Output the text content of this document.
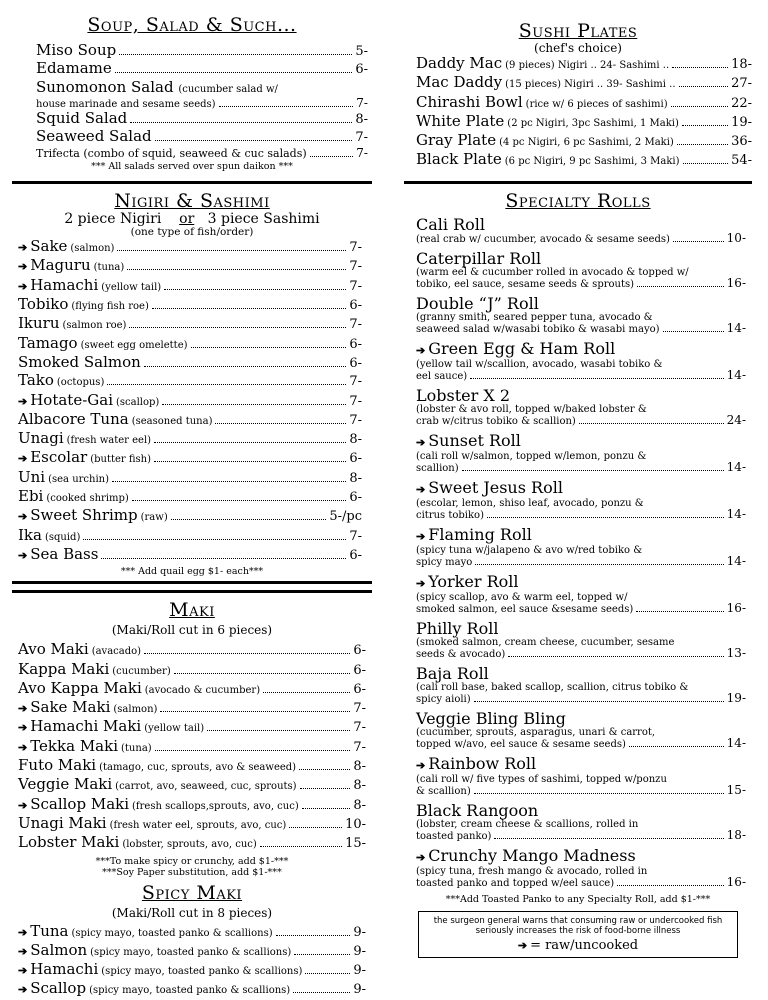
Soup, Salad & Such...
Miso Soup	5-
Edamame	6-
Sunomonon Salad (cucumber salad w/
house marinade and sesame seeds)	7-
Squid Salad	8-
Seaweed Salad	7-
Trifecta (combo of squid, seaweed & cuc salads)	7-
*** All salads served over spun daikon ***
Nigiri & Sashimi
2 piece Nigiri or 3 piece Sashimi
(one type of fish/order)
➔ Sake (salmon)	7-
➔ Maguru (tuna)	7-
➔ Hamachi (yellow tail)	7-
Tobiko (flying fish roe)	6-
Ikuru (salmon roe)	7-
Tamago (sweet egg omelette)	6-
Smoked Salmon	6-
Tako (octopus)	7-
➔ Hotate-Gai (scallop)	7-
Albacore Tuna (seasoned tuna)	7-
Unagi (fresh water eel)	8-
➔ Escolar (butter fish)	6-
Uni (sea urchin)	8-
Ebi (cooked shrimp)	6-
➔ Sweet Shrimp (raw)	5-/pc
Ika (squid)	7-
➔ Sea Bass	6-
*** Add quail egg $1- each***
Maki
(Maki/Roll cut in 6 pieces)
Avo Maki (avacado)	6-
Kappa Maki (cucumber)	6-
Avo Kappa Maki (avocado & cucumber)	6-
➔ Sake Maki (salmon)	7-
➔ Hamachi Maki (yellow tail)	7-
➔ Tekka Maki (tuna)	7-
Futo Maki (tamago, cuc, sprouts, avo & seaweed)	8-
Veggie Maki (carrot, avo, seaweed, cuc, sprouts)	8-
➔ Scallop Maki (fresh scallops,sprouts, avo, cuc)	8-
Unagi Maki (fresh water eel, sprouts, avo, cuc)	10-
Lobster Maki (lobster, sprouts, avo, cuc)	15-
***To make spicy or crunchy, add $1-***
***Soy Paper substitution, add $1-***
Spicy Maki
(Maki/Roll cut in 8 pieces)
➔ Tuna (spicy mayo, toasted panko & scallions)	9-
➔ Salmon (spicy mayo, toasted panko & scallions)	9-
➔ Hamachi (spicy mayo, toasted panko & scallions)	9-
➔ Scallop (spicy mayo, toasted panko & scallions)	9-
Sushi Plates
(chef's choice)
Daddy Mac (9 pieces) Nigiri .. 24- Sashimi ..	18-
Mac Daddy (15 pieces) Nigiri .. 39- Sashimi ..	27-
Chirashi Bowl (rice w/ 6 pieces of sashimi)	22-
White Plate (2 pc Nigiri, 3pc Sashimi, 1 Maki)	19-
Gray Plate (4 pc Nigiri, 6 pc Sashimi, 2 Maki)	36-
Black Plate (6 pc Nigiri, 9 pc Sashimi, 3 Maki)	54-
Specialty Rolls
Cali Roll
(real crab w/ cucumber, avocado & sesame seeds)	10-
Caterpillar Roll
(warm eel & cucumber rolled in avocado & topped w/
tobiko, eel sauce, sesame seeds & sprouts)	16-
Double “J” Roll
(granny smith, seared pepper tuna, avocado &
seaweed salad w/wasabi tobiko & wasabi mayo)	14-
➔ Green Egg & Ham Roll
(yellow tail w/scallion, avocado, wasabi tobiko &
eel sauce)	14-
Lobster X 2
(lobster & avo roll, topped w/baked lobster &
crab w/citrus tobiko & scallion)	24-
➔ Sunset Roll
(cali roll w/salmon, topped w/lemon, ponzu &
scallion)	14-
➔ Sweet Jesus Roll
(escolar, lemon, shiso leaf, avocado, ponzu &
citrus tobiko)	14-
➔ Flaming Roll
(spicy tuna w/jalapeno & avo w/red tobiko &
spicy mayo	14-
➔ Yorker Roll
(spicy scallop, avo & warm eel, topped w/
smoked salmon, eel sauce &sesame seeds)	16-
Philly Roll
(smoked salmon, cream cheese, cucumber, sesame
seeds & avocado)	13-
Baja Roll
(cali roll base, baked scallop, scallion, citrus tobiko &
spicy aioli)	19-
Veggie Bling Bling
(cucumber, sprouts, asparagus, unari & carrot,
topped w/avo, eel sauce & sesame seeds)	14-
➔ Rainbow Roll
(cali roll w/ five types of sashimi, topped w/ponzu
& scallion)	15-
Black Rangoon
(lobster, cream cheese & scallions, rolled in
toasted panko)	18-
➔ Crunchy Mango Madness
(spicy tuna, fresh mango & avocado, rolled in
toasted panko and topped w/eel sauce)	16-
***Add Toasted Panko to any Specialty Roll, add $1-***
the surgeon general warns that consuming raw or undercooked fish seriously increases the risk of food-borne illness
➔ = raw/uncooked
